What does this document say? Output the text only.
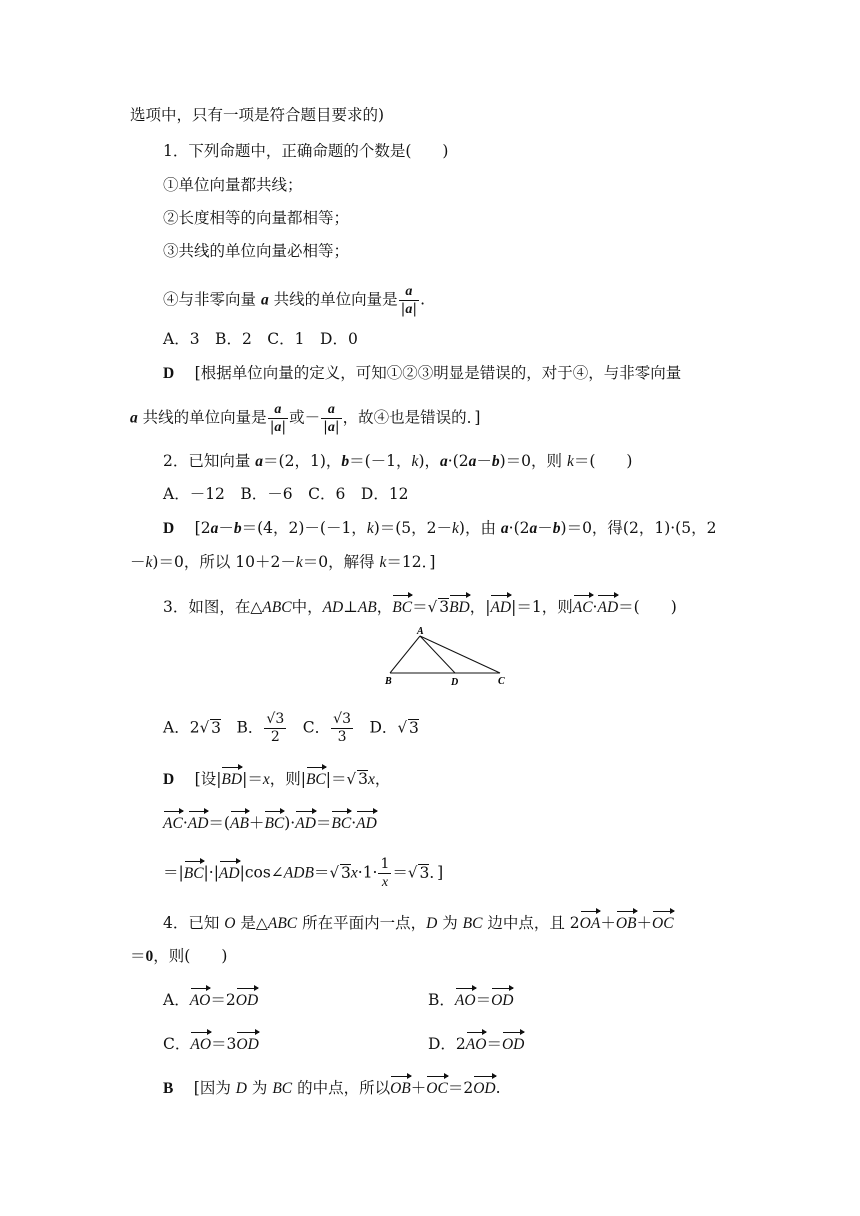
选项中，只有一项是符合题目要求的)
1．下列命题中，正确命题的个数是(　　)
①单位向量都共线；
②长度相等的向量都相等；
③共线的单位向量必相等；
④与非零向量 a 共线的单位向量是 $\frac{a}{|a|}$ .
A．3　B．2　C．1　D．0
D　 [根据单位向量的定义，可知①②③明显是错误的，对于④，与非零向量
a 共线的单位向量是 $\frac{a}{|a|}$ 或－ $\frac{a}{|a|}$ ，故④也是错误的．]
2．已知向量 a＝(2，1)，b＝(－1，k)，a·(2a－b)＝0，则 k＝(　　)
A．－12　B．－6　C．6　D．12
D　 [2a－b＝(4，2)－(－1，k)＝(5，2－k)，由 a·(2a－b)＝0，得(2，1)·(5，2
－k)＝0，所以 10＋2－k＝0，解得 k＝12．]
3．如图，在△ABC中，AD⊥AB，BC＝√ 3BD，|AD|＝1，则AC·AD＝(　　)
A
B	D	C
A．2√ 3　 B． $\frac{√3}{2}$
　 C． $\frac{√3}{3}$
　 D．√ 3
D　 [设|BD|＝x，则|BC|＝√ 3x，
AC·AD＝(AB＋BC)·AD＝BC·AD
＝|BC|·|AD|cos∠ADB＝√ $3x\cdot 1\cdot \frac{1}{x}$ ＝√ 3．]
4．已知 O 是△ABC 所在平面内一点，D 为 BC 边中点，且 2OA＋OB＋OC
＝0，则(　　)
A．AO＝2OD	B．AO＝OD
C．AO＝3OD	D．2AO＝OD
B　 [因为 D 为 BC 的中点，所以OB＋OC＝2OD.
